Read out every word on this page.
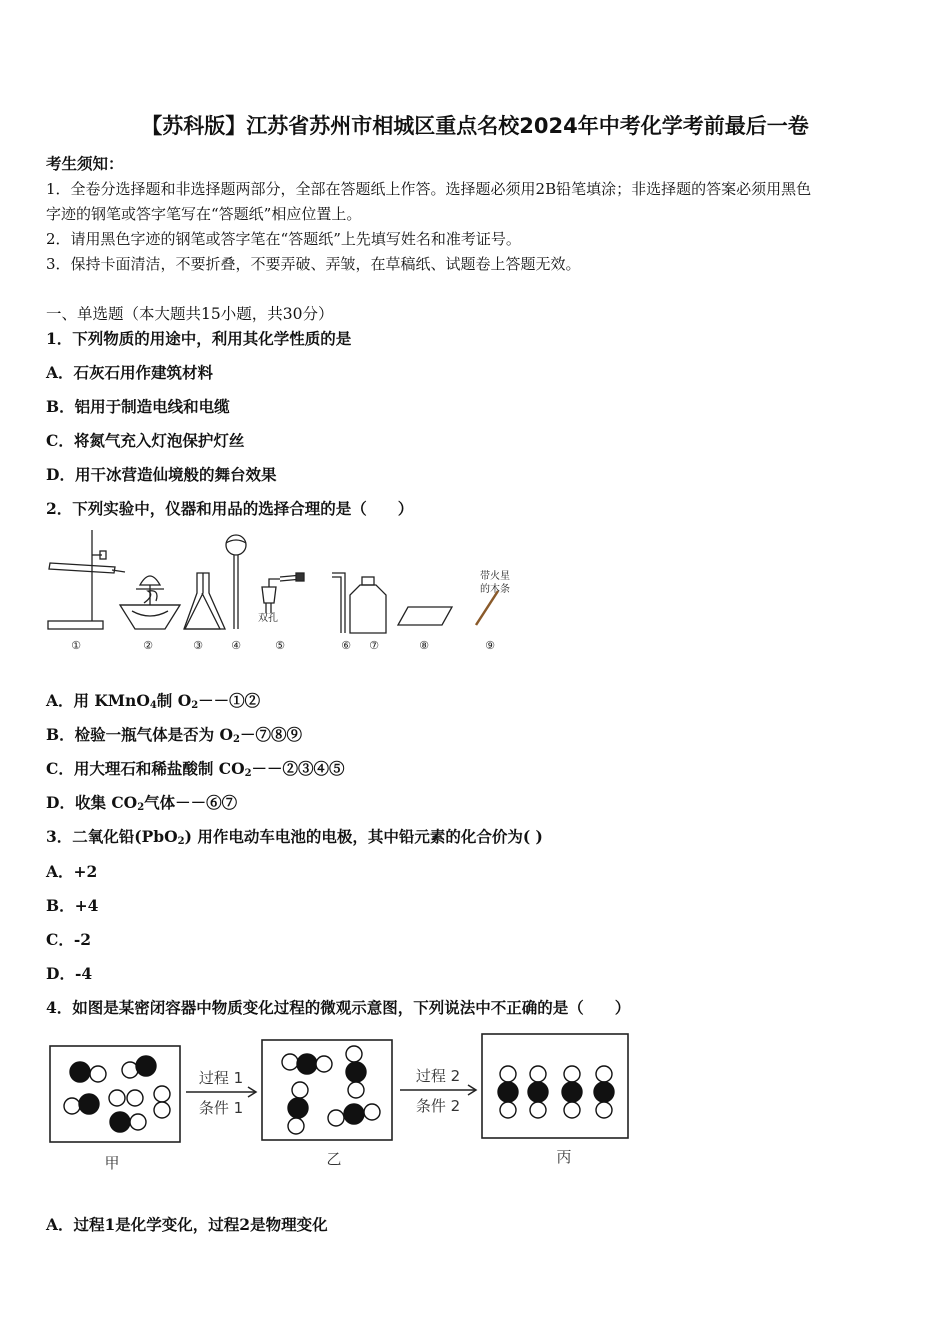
【苏科版】江苏省苏州市相城区重点名校2024年中考化学考前最后一卷
考生须知：
1．全卷分选择题和非选择题两部分，全部在答题纸上作答。选择题必须用2B铅笔填涂；非选择题的答案必须用黑色
字迹的钢笔或答字笔写在“答题纸”相应位置上。
2．请用黑色字迹的钢笔或答字笔在“答题纸”上先填写姓名和准考证号。
3．保持卡面清洁，不要折叠，不要弄破、弄皱，在草稿纸、试题卷上答题无效。
一、单选题（本大题共15小题，共30分）
1．下列物质的用途中，利用其化学性质的是
A．石灰石用作建筑材料
B．铝用于制造电线和电缆
C．将氮气充入灯泡保护灯丝
D．用干冰营造仙境般的舞台效果
2．下列实验中，仪器和用品的选择合理的是（　　）
双孔
带火星
的木条
①	②	③	④	⑤	⑥ ⑦	⑧	⑨
A．用 KMnO$_4$制 $O_2--①②$
B．检验一瓶气体是否为 $O_2-⑦⑧⑨$
C．用大理石和稀盐酸制 $CO_2--②③④⑤$
D．收集 $CO_2$气体－－⑥⑦
3．二氧化铅(PbO$_2$) 用作电动车电池的电极，其中铅元素的化合价为( )
A．+2
B．+4
C．-2
D．-4
4．如图是某密闭容器中物质变化过程的微观示意图，下列说法中不正确的是（　　）
过程 1
条件 1
过程 2
条件 2
甲	乙	丙
A．过程1是化学变化，过程2是物理变化
